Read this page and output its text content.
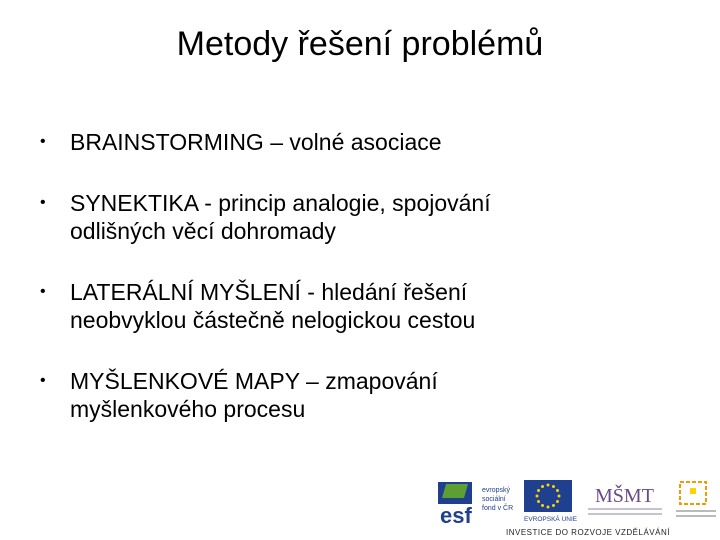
Metody řešení problémů
• BRAINSTORMING – volné asociace
• SYNEKTIKA - princip analogie, spojování
odlišných věcí dohromady
• LATERÁLNÍ MYŠLENÍ - hledání řešení
neobvyklou částečně nelogickou cestou
• MYŠLENKOVÉ MAPY – zmapování
myšlenkového procesu
esf
evropský
sociální
fond v ČR
EVROPSKÁ UNIE
MŠMT
INVESTICE DO ROZVOJE VZDĚLÁVÁNÍ
